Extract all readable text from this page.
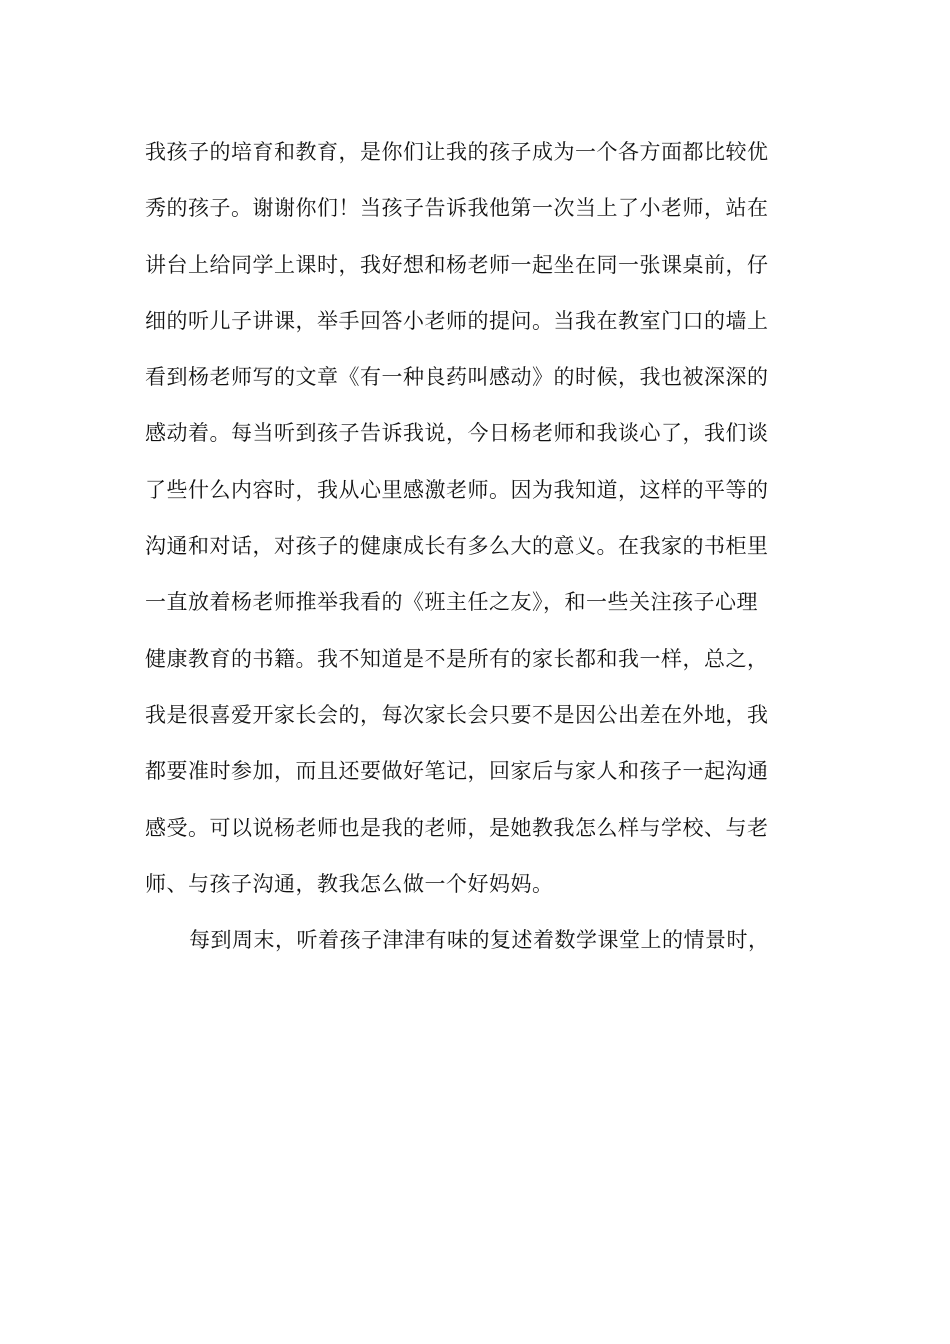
我孩子的培育和教育，是你们让我的孩子成为一个各方面都比较优
秀的孩子。谢谢你们！当孩子告诉我他第一次当上了小老师，站在
讲台上给同学上课时，我好想和杨老师一起坐在同一张课桌前，仔
细的听儿子讲课，举手回答小老师的提问。当我在教室门口的墙上
看到杨老师写的文章《有一种良药叫感动》的时候，我也被深深的
感动着。每当听到孩子告诉我说，今日杨老师和我谈心了，我们谈
了些什么内容时，我从心里感激老师。因为我知道，这样的平等的
沟通和对话，对孩子的健康成长有多么大的意义。在我家的书柜里
一直放着杨老师推举我看的《班主任之友》，和一些关注孩子心理
健康教育的书籍。我不知道是不是所有的家长都和我一样，总之，
我是很喜爱开家长会的，每次家长会只要不是因公出差在外地，我
都要准时参加，而且还要做好笔记，回家后与家人和孩子一起沟通
感受。可以说杨老师也是我的老师，是她教我怎么样与学校、与老
师、与孩子沟通，教我怎么做一个好妈妈。
每到周末，听着孩子津津有味的复述着数学课堂上的情景时，
